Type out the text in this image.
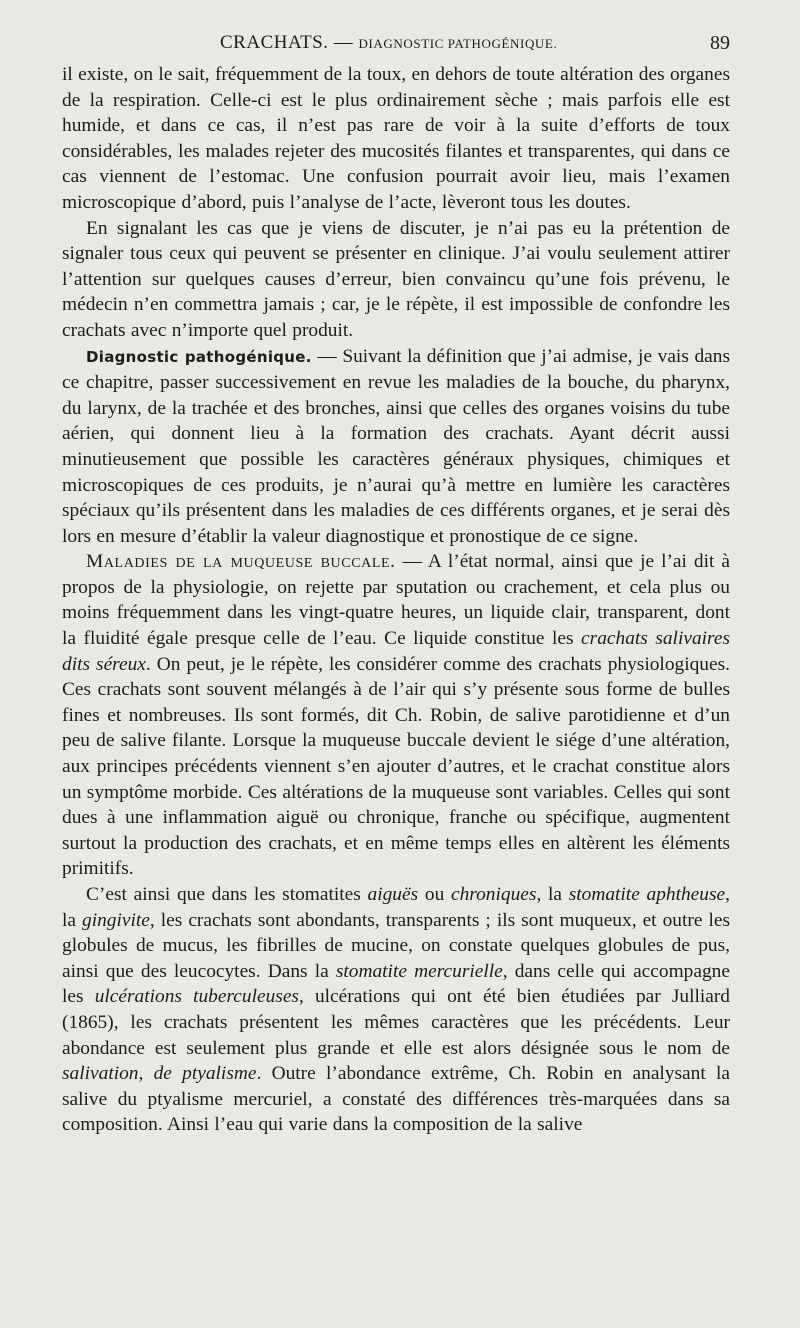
CRACHATS. — DIAGNOSTIC PATHOGÉNIQUE.	89

il existe, on le sait, fréquemment de la toux, en dehors de toute altération des organes de la respiration. Celle-ci est le plus ordinairement sèche ; mais parfois elle est humide, et dans ce cas, il n’est pas rare de voir à la suite d’efforts de toux considérables, les malades rejeter des mucosités filantes et transparentes, qui dans ce cas viennent de l’estomac. Une confusion pourrait avoir lieu, mais l’examen microscopique d’abord, puis l’analyse de l’acte, lèveront tous les doutes.

En signalant les cas que je viens de discuter, je n’ai pas eu la prétention de signaler tous ceux qui peuvent se présenter en clinique. J’ai voulu seulement attirer l’attention sur quelques causes d’erreur, bien convaincu qu’une fois prévenu, le médecin n’en commettra jamais ; car, je le répète, il est impossible de confondre les crachats avec n’importe quel produit.

Diagnostic pathogénique. — Suivant la définition que j’ai admise, je vais dans ce chapitre, passer successivement en revue les maladies de la bouche, du pharynx, du larynx, de la trachée et des bronches, ainsi que celles des organes voisins du tube aérien, qui donnent lieu à la formation des crachats. Ayant décrit aussi minutieusement que possible les caractères généraux physiques, chimiques et microscopiques de ces produits, je n’aurai qu’à mettre en lumière les caractères spéciaux qu’ils présentent dans les maladies de ces différents organes, et je serai dès lors en mesure d’établir la valeur diagnostique et pronostique de ce signe.

Maladies de la muqueuse buccale. — A l’état normal, ainsi que je l’ai dit à propos de la physiologie, on rejette par sputation ou crachement, et cela plus ou moins fréquemment dans les vingt-quatre heures, un liquide clair, transparent, dont la fluidité égale presque celle de l’eau. Ce liquide constitue les crachats salivaires dits séreux. On peut, je le répète, les considérer comme des crachats physiologiques. Ces crachats sont souvent mélangés à de l’air qui s’y présente sous forme de bulles fines et nombreuses. Ils sont formés, dit Ch. Robin, de salive parotidienne et d’un peu de salive filante. Lorsque la muqueuse buccale devient le siége d’une altération, aux principes précédents viennent s’en ajouter d’autres, et le crachat constitue alors un symptôme morbide. Ces altérations de la muqueuse sont variables. Celles qui sont dues à une inflammation aiguë ou chronique, franche ou spécifique, augmentent surtout la production des crachats, et en même temps elles en altèrent les éléments primitifs.

C’est ainsi que dans les stomatites aiguës ou chroniques, la stomatite aphtheuse, la gingivite, les crachats sont abondants, transparents ; ils sont muqueux, et outre les globules de mucus, les fibrilles de mucine, on constate quelques globules de pus, ainsi que des leucocytes. Dans la stomatite mercurielle, dans celle qui accompagne les ulcérations tuberculeuses, ulcérations qui ont été bien étudiées par Julliard (1865), les crachats présentent les mêmes caractères que les précédents. Leur abondance est seulement plus grande et elle est alors désignée sous le nom de salivation, de ptyalisme. Outre l’abondance extrême, Ch. Robin en analysant la salive du ptyalisme mercuriel, a constaté des différences très-marquées dans sa composition. Ainsi l’eau qui varie dans la composition de la salive
